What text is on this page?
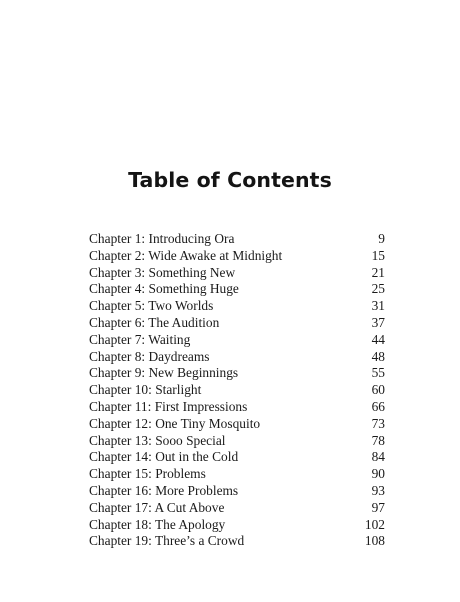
Table of Contents
Chapter 1: Introducing Ora	9
Chapter 2: Wide Awake at Midnight	15
Chapter 3: Something New	21
Chapter 4: Something Huge	25
Chapter 5: Two Worlds	31
Chapter 6: The Audition	37
Chapter 7: Waiting	44
Chapter 8: Daydreams	48
Chapter 9: New Beginnings	55
Chapter 10: Starlight	60
Chapter 11: First Impressions	66
Chapter 12: One Tiny Mosquito	73
Chapter 13: Sooo Special	78
Chapter 14: Out in the Cold	84
Chapter 15: Problems	90
Chapter 16: More Problems	93
Chapter 17: A Cut Above	97
Chapter 18: The Apology	102
Chapter 19: Three’s a Crowd	108
